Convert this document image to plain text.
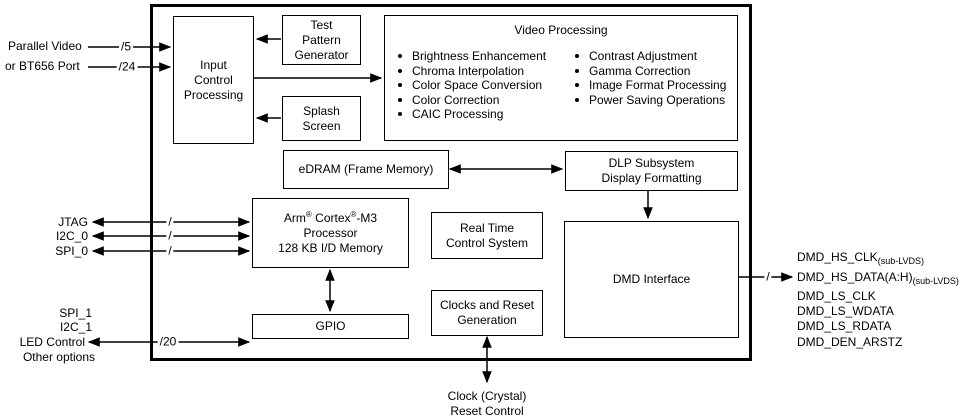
Input
Control
Processing
Test
Pattern
Generator
Splash
Screen
Video Processing
Brightness Enhancement
Chroma Interpolation
Color Space Conversion
Color Correction
CAIC Processing
Contrast Adjustment
Gamma Correction
Image Format Processing
Power Saving Operations
eDRAM (Frame Memory)	DLP Subsystem
Display Formatting
Arm® Cortex®-M3
Processor
128 KB I/D Memory
Real Time
Control System
DMD Interface
GPIO
Clocks and Reset
Generation
Parallel Video
or BT656 Port
JTAG
I2C_0
SPI_0
SPI_1
I2C_1
LED Control
Other options
/5
/24
/
/
/
/20
/
$DMD\_HS\_CLK_{(sub-LVDS)}$
$DMD\_HS\_DATA(A:H)_{(sub-LVDS)}$
DMD_LS_CLK
DMD_LS_WDATA
DMD_LS_RDATA
DMD_DEN_ARSTZ
Clock (Crystal)
Reset Control
